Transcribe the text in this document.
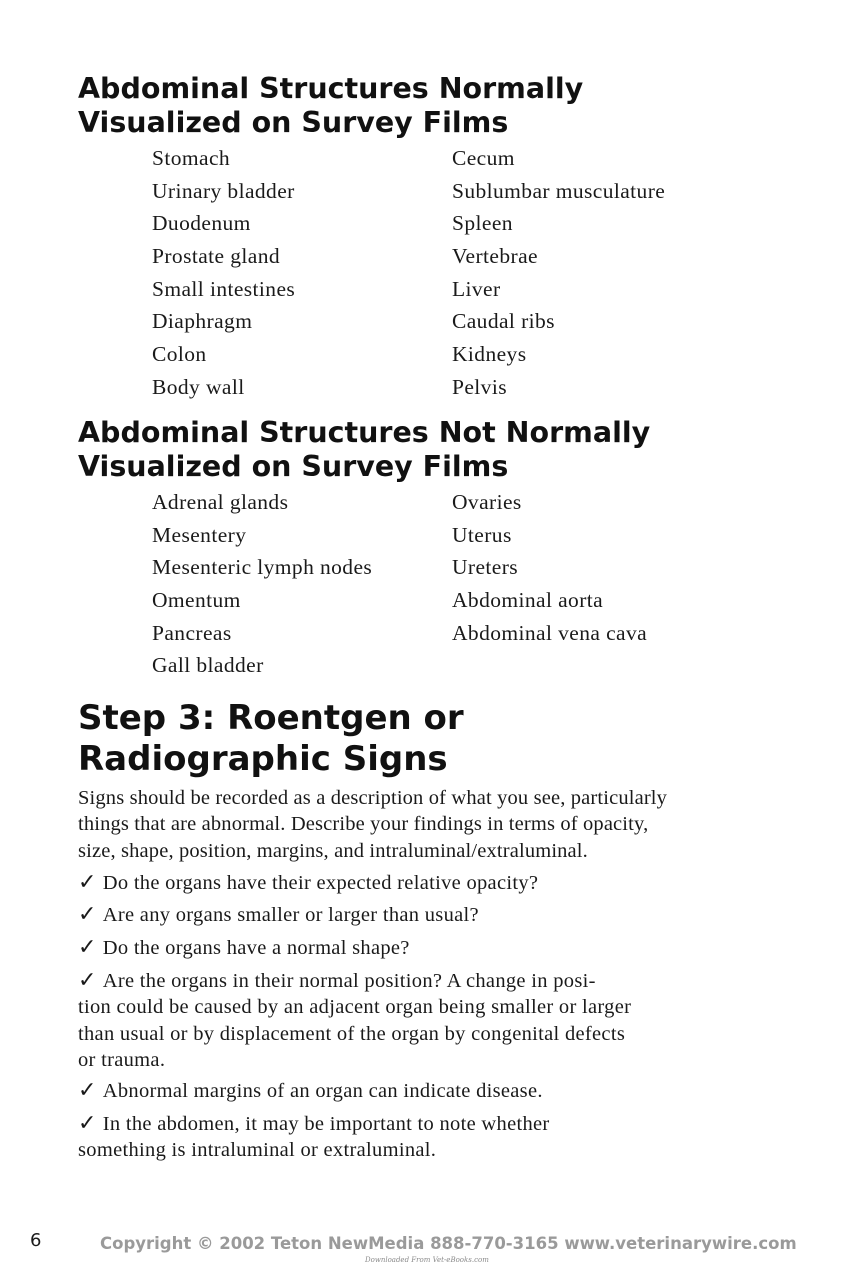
Abdominal Structures Normally
Visualized on Survey Films
Stomach
Urinary bladder
Duodenum
Prostate gland
Small intestines
Diaphragm
Colon
Body wall
Cecum
Sublumbar musculature
Spleen
Vertebrae
Liver
Caudal ribs
Kidneys
Pelvis
Abdominal Structures Not Normally
Visualized on Survey Films
Adrenal glands
Mesentery
Mesenteric lymph nodes
Omentum
Pancreas
Gall bladder
Ovaries
Uterus
Ureters
Abdominal aorta
Abdominal vena cava
Step 3: Roentgen or
Radiographic Signs
Signs should be recorded as a description of what you see, particularly
things that are abnormal. Describe your findings in terms of opacity,
size, shape, position, margins, and intraluminal/extraluminal.
✓ Do the organs have their expected relative opacity?
✓ Are any organs smaller or larger than usual?
✓ Do the organs have a normal shape?
✓ Are the organs in their normal position? A change in posi-
tion could be caused by an adjacent organ being smaller or larger
than usual or by displacement of the organ by congenital defects
or trauma.
✓ Abnormal margins of an organ can indicate disease.
✓ In the abdomen, it may be important to note whether
something is intraluminal or extraluminal.
6	Copyright © 2002 Teton NewMedia 888-770-3165 www.veterinarywire.com
Downloaded From Vet-eBooks.com
